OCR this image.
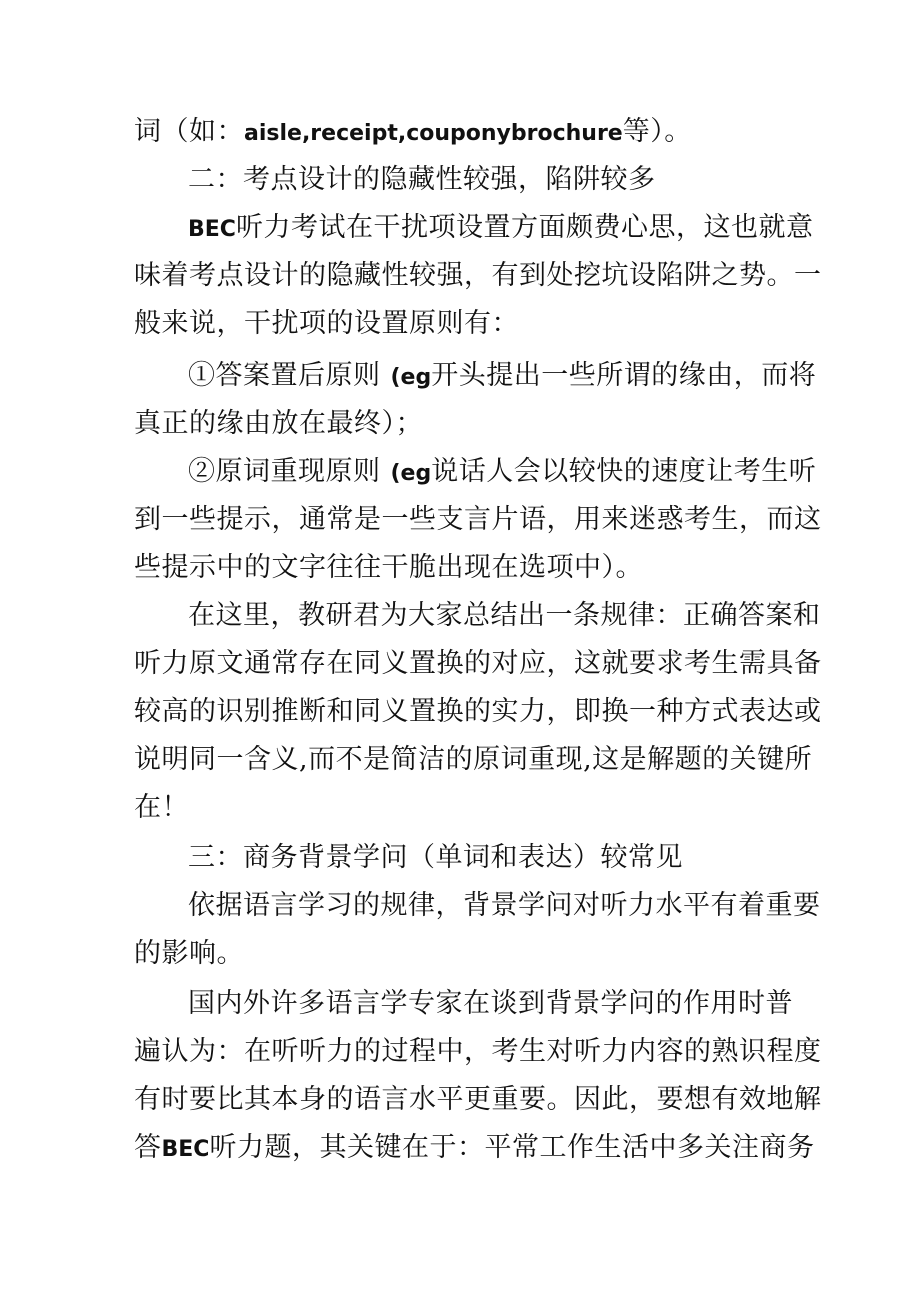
词（如：aisle,receipt,couponybrochure等）。
二：考点设计的隐藏性较强，陷阱较多
BEC听力考试在干扰项设置方面颇费心思，这也就意
味着考点设计的隐藏性较强，有到处挖坑设陷阱之势。一
般来说，干扰项的设置原则有：
①答案置后原则 (eg开头提出一些所谓的缘由，而将
真正的缘由放在最终）；
②原词重现原则 (eg说话人会以较快的速度让考生听
到一些提示，通常是一些支言片语，用来迷惑考生，而这
些提示中的文字往往干脆出现在选项中）。
在这里，教研君为大家总结出一条规律：正确答案和
听力原文通常存在同义置换的对应，这就要求考生需具备
较高的识别推断和同义置换的实力，即换一种方式表达或
说明同一含义,而不是简洁的原词重现,这是解题的关键所
在！
三：商务背景学问（单词和表达）较常见
依据语言学习的规律，背景学问对听力水平有着重要
的影响。
国内外许多语言学专家在谈到背景学问的作用时普
遍认为：在听听力的过程中，考生对听力内容的熟识程度
有时要比其本身的语言水平更重要。因此，要想有效地解
答BEC听力题，其关键在于：平常工作生活中多关注商务
